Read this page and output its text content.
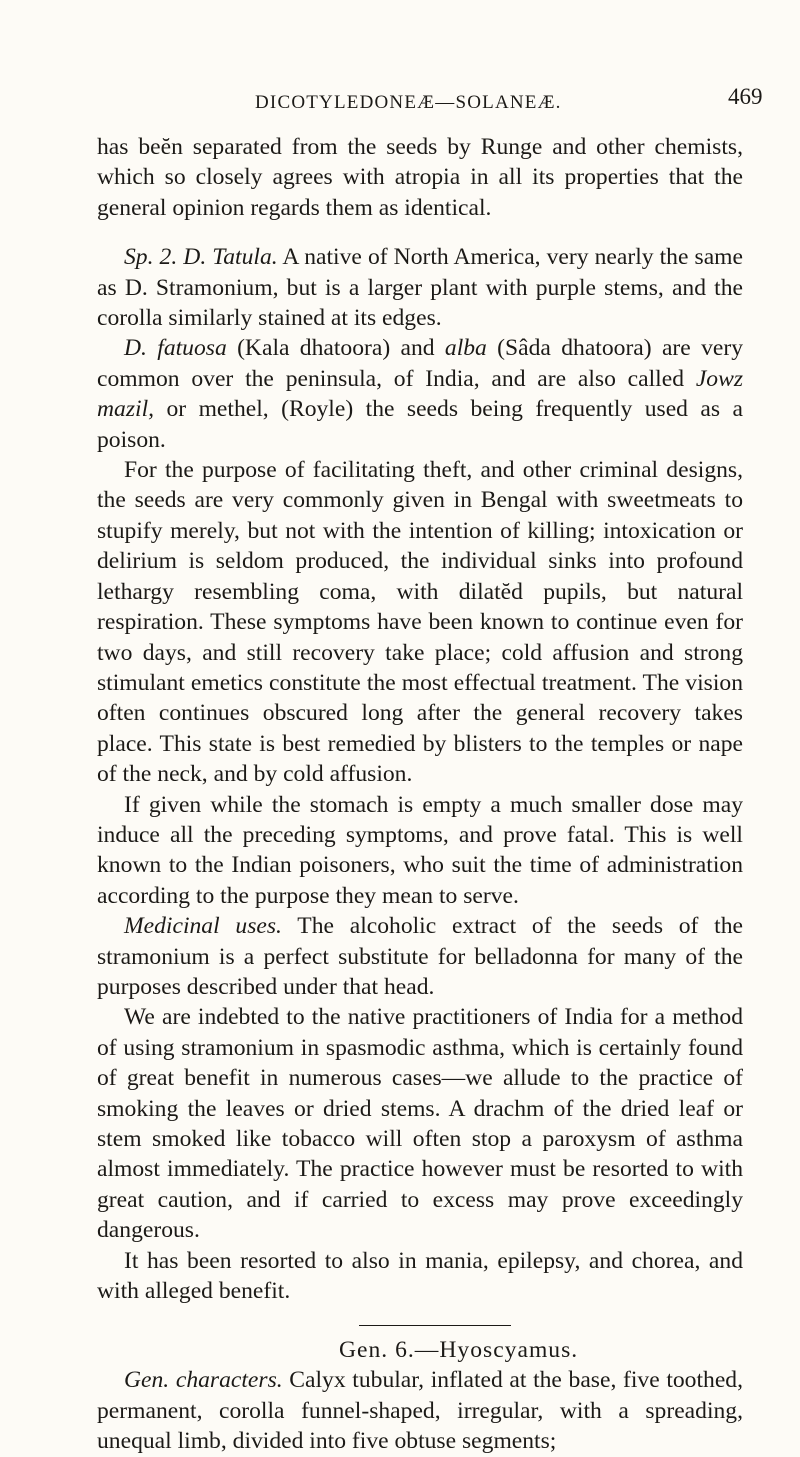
DICOTYLEDONEÆ—SOLANEÆ.	469

has beĕn separated from the seeds by Runge and other chemists, which so closely agrees with atropia in all its properties that the general opinion regards them as identical.

Sp. 2. D. Tatula. A native of North America, very nearly the same as D. Stramonium, but is a larger plant with purple stems, and the corolla similarly stained at its edges.

D. fatuosa (Kala dhatoora) and alba (Sâda dhatoora) are very common over the peninsula, of India, and are also called Jowz mazil, or methel, (Royle) the seeds being frequently used as a poison.

For the purpose of facilitating theft, and other criminal designs, the seeds are very commonly given in Bengal with sweetmeats to stupify merely, but not with the intention of killing; intoxication or delirium is seldom produced, the individual sinks into profound lethargy resembling coma, with dilatĕd pupils, but natural respiration. These symptoms have been known to continue even for two days, and still recovery take place; cold affusion and strong stimulant emetics constitute the most effectual treatment. The vision often continues obscured long after the general recovery takes place. This state is best remedied by blisters to the temples or nape of the neck, and by cold affusion.

If given while the stomach is empty a much smaller dose may induce all the preceding symptoms, and prove fatal. This is well known to the Indian poisoners, who suit the time of administration according to the purpose they mean to serve.

Medicinal uses. The alcoholic extract of the seeds of the stramonium is a perfect substitute for belladonna for many of the purposes described under that head.

We are indebted to the native practitioners of India for a method of using stramonium in spasmodic asthma, which is certainly found of great benefit in numerous cases—we allude to the practice of smoking the leaves or dried stems. A drachm of the dried leaf or stem smoked like tobacco will often stop a paroxysm of asthma almost immediately. The practice however must be resorted to with great caution, and if carried to excess may prove exceedingly dangerous.

It has been resorted to also in mania, epilepsy, and chorea, and with alleged benefit.

Gen. 6.—Hyoscyamus.

Gen. characters. Calyx tubular, inflated at the base, five toothed, permanent, corolla funnel-shaped, irregular, with a spreading, unequal limb, divided into five obtuse segments;
